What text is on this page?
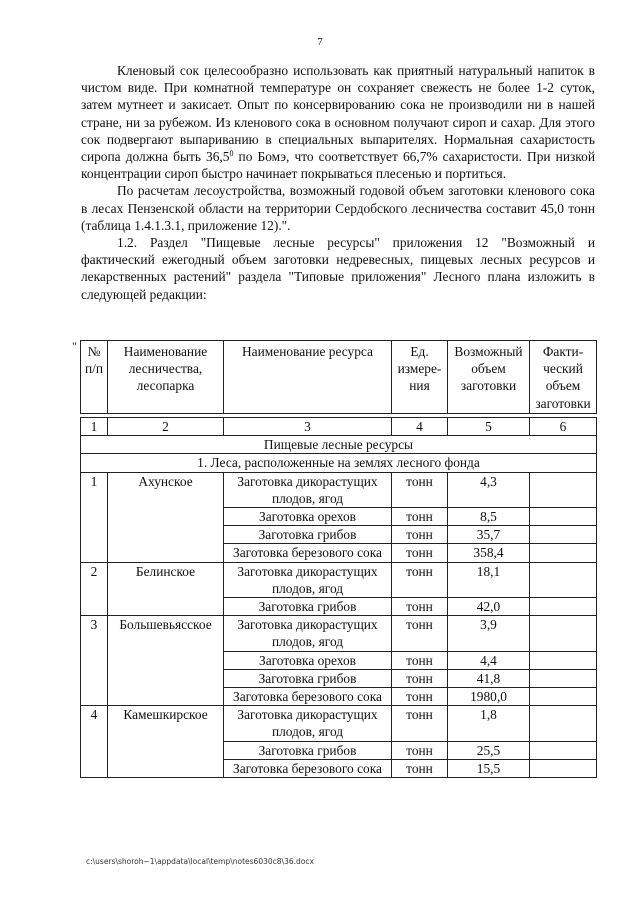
7

Кленовый сок целесообразно использовать как приятный натуральный напиток в чистом виде. При комнатной температуре он сохраняет свежесть не более 1-2 суток, затем мутнеет и закисает. Опыт по консервированию сока не производили ни в нашей стране, ни за рубежом. Из кленового сока в основном получают сироп и сахар. Для этого сок подвергают выпариванию в специальных выпарителях. Нормальная сахаристость сиропа должна быть 36,5$^0$ по Бомэ, что соответствует 66,7% сахаристости. При низкой концентрации сироп быстро начинает покрываться плесенью и портиться.

По расчетам лесоустройства, возможный годовой объем заготовки кленового сока в лесах Пензенской области на территории Сердобского лесничества составит 45,0 тонн (таблица 1.4.1.3.1, приложение 12).".

1.2. Раздел "Пищевые лесные ресурсы" приложения 12 "Возможный и фактический ежегодный объем заготовки недревесных, пищевых лесных ресурсов и лекарственных растений" раздела "Типовые приложения" Лесного плана изложить в следующей редакции:

" № п/п	Наименование лесничества, лесопарка	Наименование ресурса	Ед. измере-ния	Возможный объем заготовки	Факти-ческий объем заготовки

1	2	3	4	5	6
Пищевые лесные ресурсы					
1. Леса, расположенные на землях лесного фонда					
1	Ахунское	Заготовка дикорастущих плодов, ягод	тонн	4,3	
		Заготовка орехов	тонн	8,5	
		Заготовка грибов	тонн	35,7	
		Заготовка березового сока	тонн	358,4	
2	Белинское	Заготовка дикорастущих плодов, ягод	тонн	18,1	
		Заготовка грибов	тонн	42,0	
3	Большевьясское	Заготовка дикорастущих плодов, ягод	тонн	3,9	
		Заготовка орехов	тонн	4,4	
		Заготовка грибов	тонн	41,8	
		Заготовка березового сока	тонн	1980,0	
4	Камешкирское	Заготовка дикорастущих плодов, ягод	тонн	1,8	
		Заготовка грибов	тонн	25,5	
		Заготовка березового сока	тонн	15,5	
c:\users\shoroh~1\appdata\local\temp\notes6030c8\36.docx
